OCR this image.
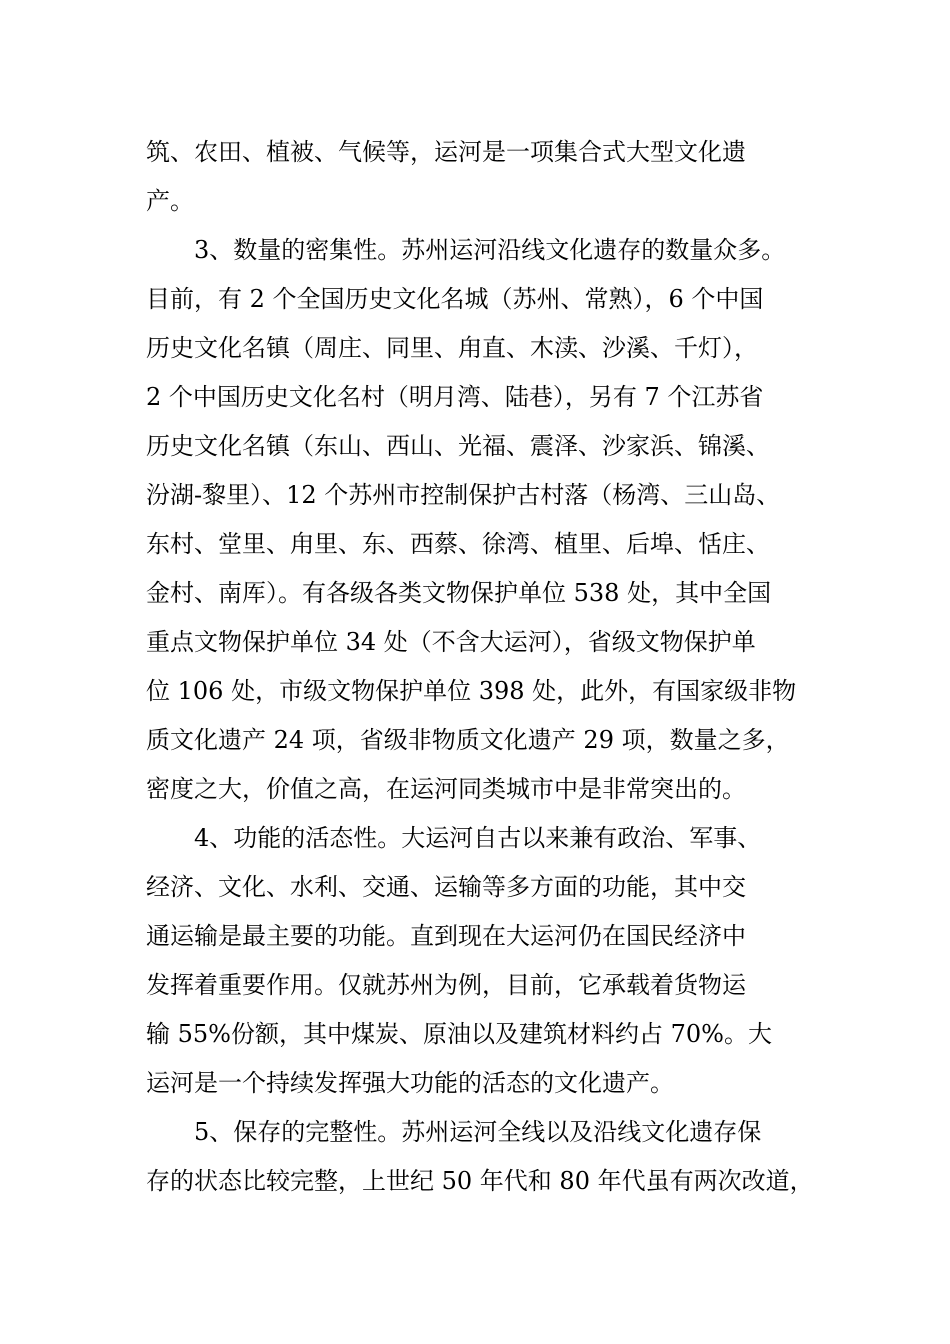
筑、农田、植被、气候等，运河是一项集合式大型文化遗
产。
3、数量的密集性。苏州运河沿线文化遗存的数量众多。
目前，有 2 个全国历史文化名城（苏州、常熟），6 个中国
历史文化名镇（周庄、同里、甪直、木渎、沙溪、千灯），
2 个中国历史文化名村（明月湾、陆巷），另有 7 个江苏省
历史文化名镇（东山、西山、光福、震泽、沙家浜、锦溪、
汾湖-黎里）、12 个苏州市控制保护古村落（杨湾、三山岛、
东村、堂里、甪里、东、西蔡、徐湾、植里、后埠、恬庄、
金村、南厍）。有各级各类文物保护单位 538 处，其中全国
重点文物保护单位 34 处（不含大运河），省级文物保护单
位 106 处，市级文物保护单位 398 处，此外，有国家级非物
质文化遗产 24 项，省级非物质文化遗产 29 项，数量之多，
密度之大，价值之高，在运河同类城市中是非常突出的。
4、功能的活态性。大运河自古以来兼有政治、军事、
经济、文化、水利、交通、运输等多方面的功能，其中交
通运输是最主要的功能。直到现在大运河仍在国民经济中
发挥着重要作用。仅就苏州为例，目前，它承载着货物运
输 55%份额，其中煤炭、原油以及建筑材料约占 70%。大
运河是一个持续发挥强大功能的活态的文化遗产。
5、保存的完整性。苏州运河全线以及沿线文化遗存保
存的状态比较完整，上世纪 50 年代和 80 年代虽有两次改道，
